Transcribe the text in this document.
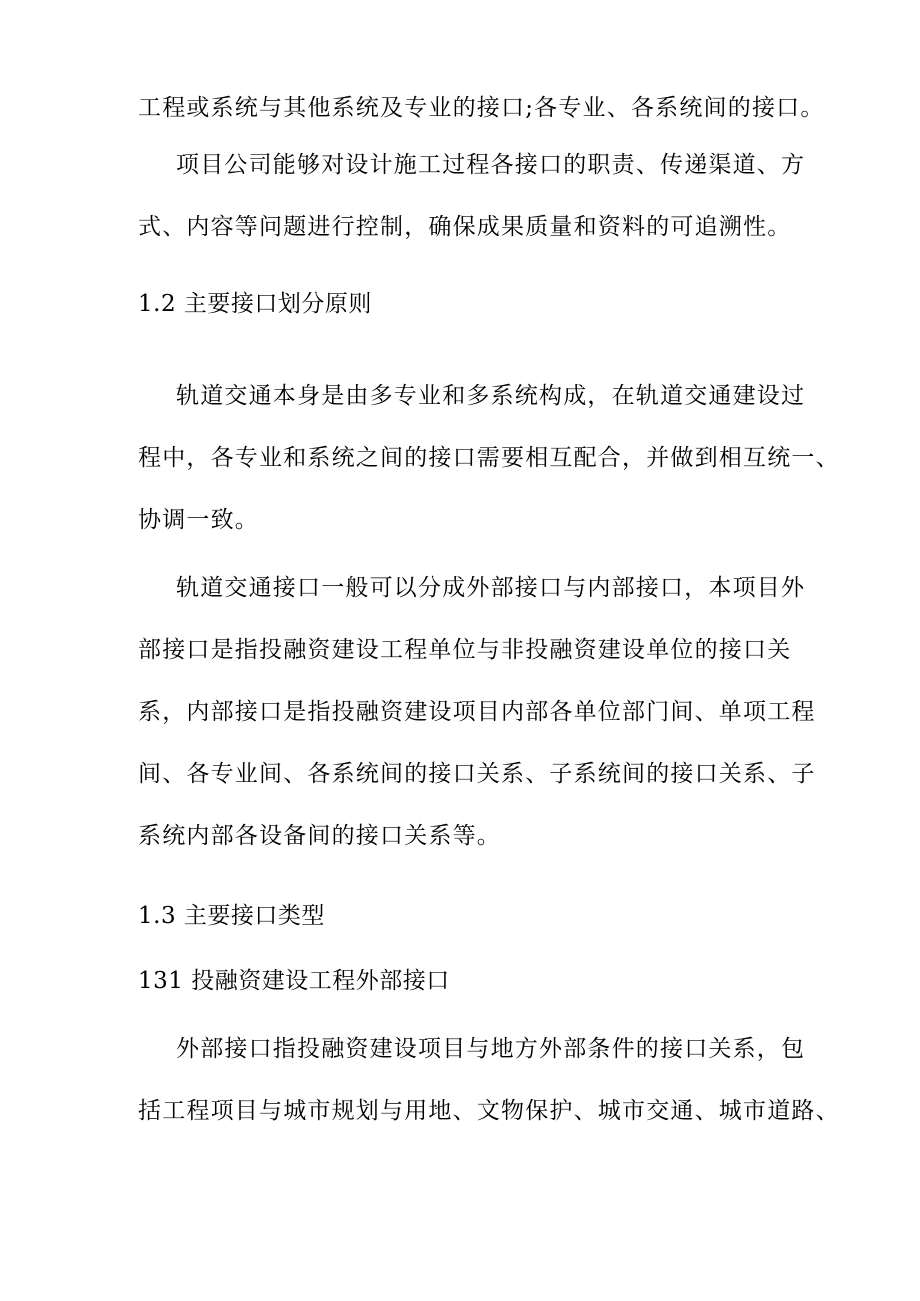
工程或系统与其他系统及专业的接口;各专业、各系统间的接口。
项目公司能够对设计施工过程各接口的职责、传递渠道、方
式、内容等问题进行控制，确保成果质量和资料的可追溯性。
1.2 主要接口划分原则
轨道交通本身是由多专业和多系统构成，在轨道交通建设过
程中，各专业和系统之间的接口需要相互配合，并做到相互统一、
协调一致。
轨道交通接口一般可以分成外部接口与内部接口，本项目外
部接口是指投融资建设工程单位与非投融资建设单位的接口关
系，内部接口是指投融资建设项目内部各单位部门间、单项工程
间、各专业间、各系统间的接口关系、子系统间的接口关系、子
系统内部各设备间的接口关系等。
1.3 主要接口类型
131 投融资建设工程外部接口
外部接口指投融资建设项目与地方外部条件的接口关系，包
括工程项目与城市规划与用地、文物保护、城市交通、城市道路、
